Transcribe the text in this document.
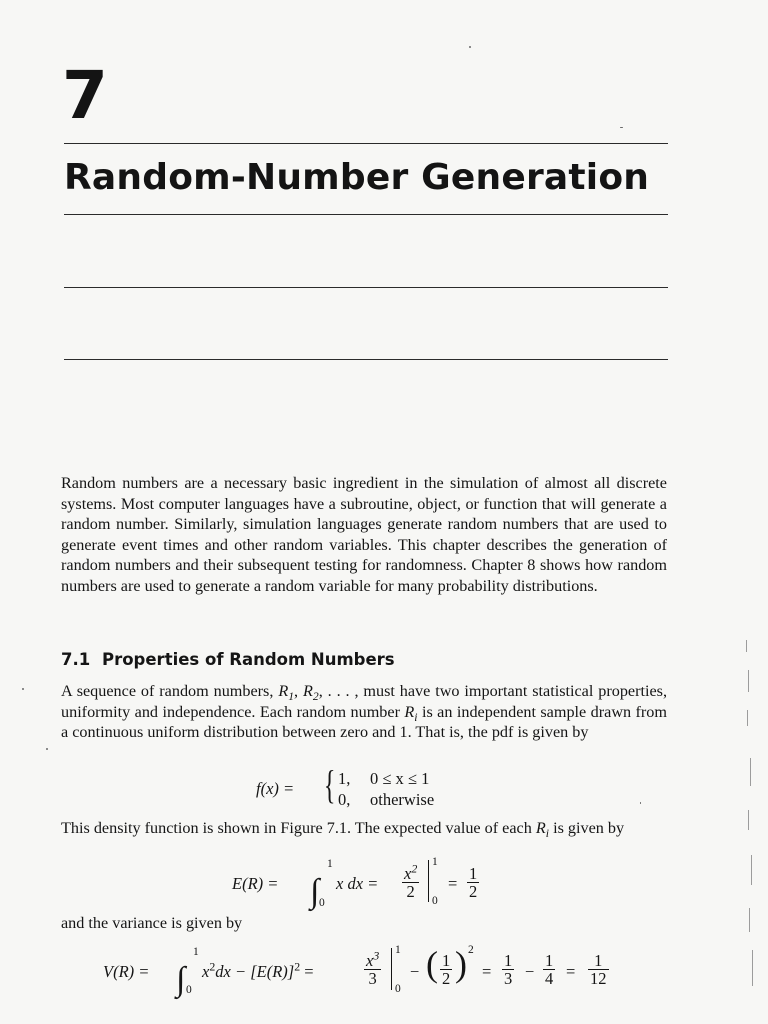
7
Random-Number Generation
Random numbers are a necessary basic ingredient in the simulation of almost all discrete systems. Most computer languages have a subroutine, object, or function that will generate a random number. Similarly, simulation languages generate random numbers that are used to generate event times and other random variables. This chapter describes the generation of random numbers and their subsequent testing for randomness. Chapter 8 shows how random numbers are used to generate a random variable for many probability distributions.
7.1 Properties of Random Numbers
A sequence of random numbers, $R_1$, $R_2$, . . . , must have two important statistical properties, uniformity and independence. Each random number $R_i$ is an independent sample drawn from a continuous uniform distribution between zero and 1. That is, the pdf is given by
f(x) = { 1, 0 ≤ x ≤ 1
0, otherwise
This density function is shown in Figure 7.1. The expected value of each $R_i$ is given by
E(R) = ∫
1
0
x dx = $\frac{x^2}{2}$
1
0
= $\frac{1}{2}$
and the variance is given by
V(R) = ∫
1
0
$x^2dx - [E(R)]^2$ =	$\frac{x^3}{3}$
1
0
− ( $\frac{1}{2}$ ) 2
= $\frac{1}{3} - \frac{1}{4} = \frac{1}{12}$
